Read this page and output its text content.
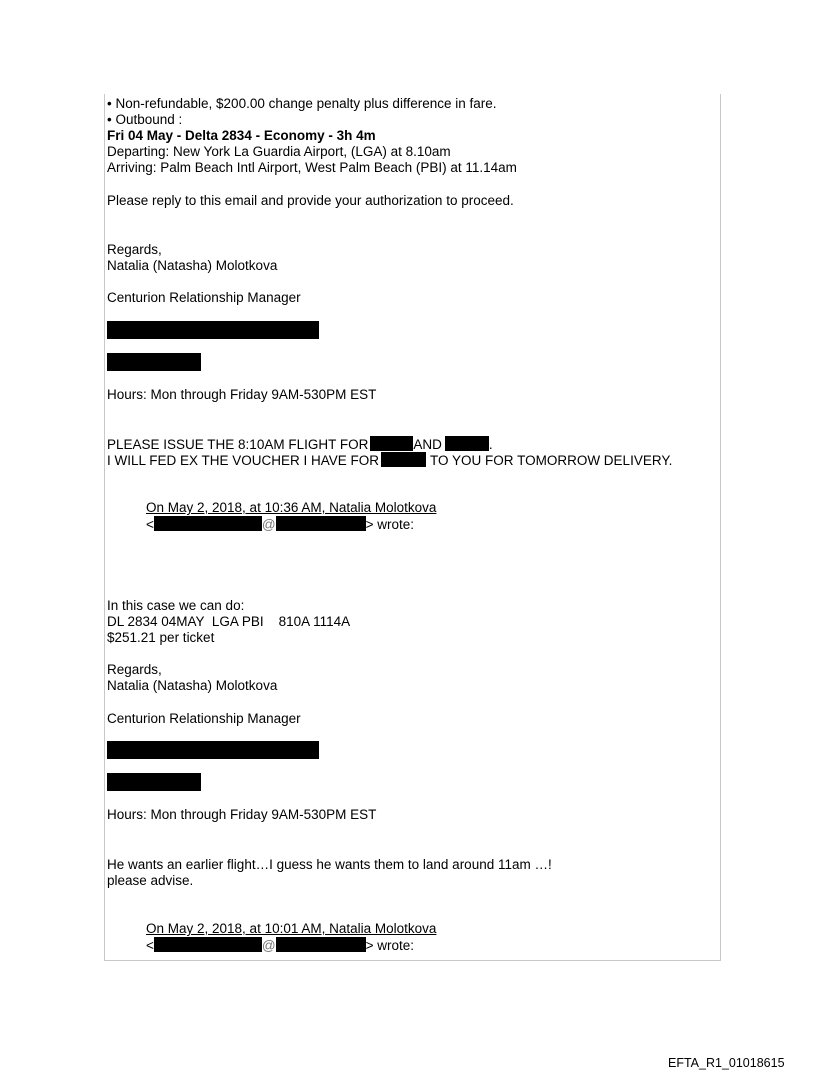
• Non-refundable, $200.00 change penalty plus difference in fare.
• Outbound :
Fri 04 May - Delta 2834 - Economy - 3h 4m
Departing: New York La Guardia Airport, (LGA) at 8.10am
Arriving: Palm Beach Intl Airport, West Palm Beach (PBI) at 11.14am
Please reply to this email and provide your authorization to proceed.
Regards,
Natalia (Natasha) Molotkova
Centurion Relationship Manager
Hours: Mon through Friday 9AM-530PM EST
PLEASE ISSUE THE 8:10AM FLIGHT FOR	AND	.
I WILL FED EX THE VOUCHER I HAVE FOR	TO YOU FOR TOMORROW DELIVERY.
On May 2, 2018, at 10:36 AM, Natalia Molotkova
<	@	> wrote:
In this case we can do:
DL 2834 04MAY  LGA PBI    810A 1114A
$251.21 per ticket
Regards,
Natalia (Natasha) Molotkova
Centurion Relationship Manager
Hours: Mon through Friday 9AM-530PM EST
He wants an earlier flight…I guess he wants them to land around 11am …!
please advise.
On May 2, 2018, at 10:01 AM, Natalia Molotkova
<	@	> wrote:
EFTA_R1_01018615
